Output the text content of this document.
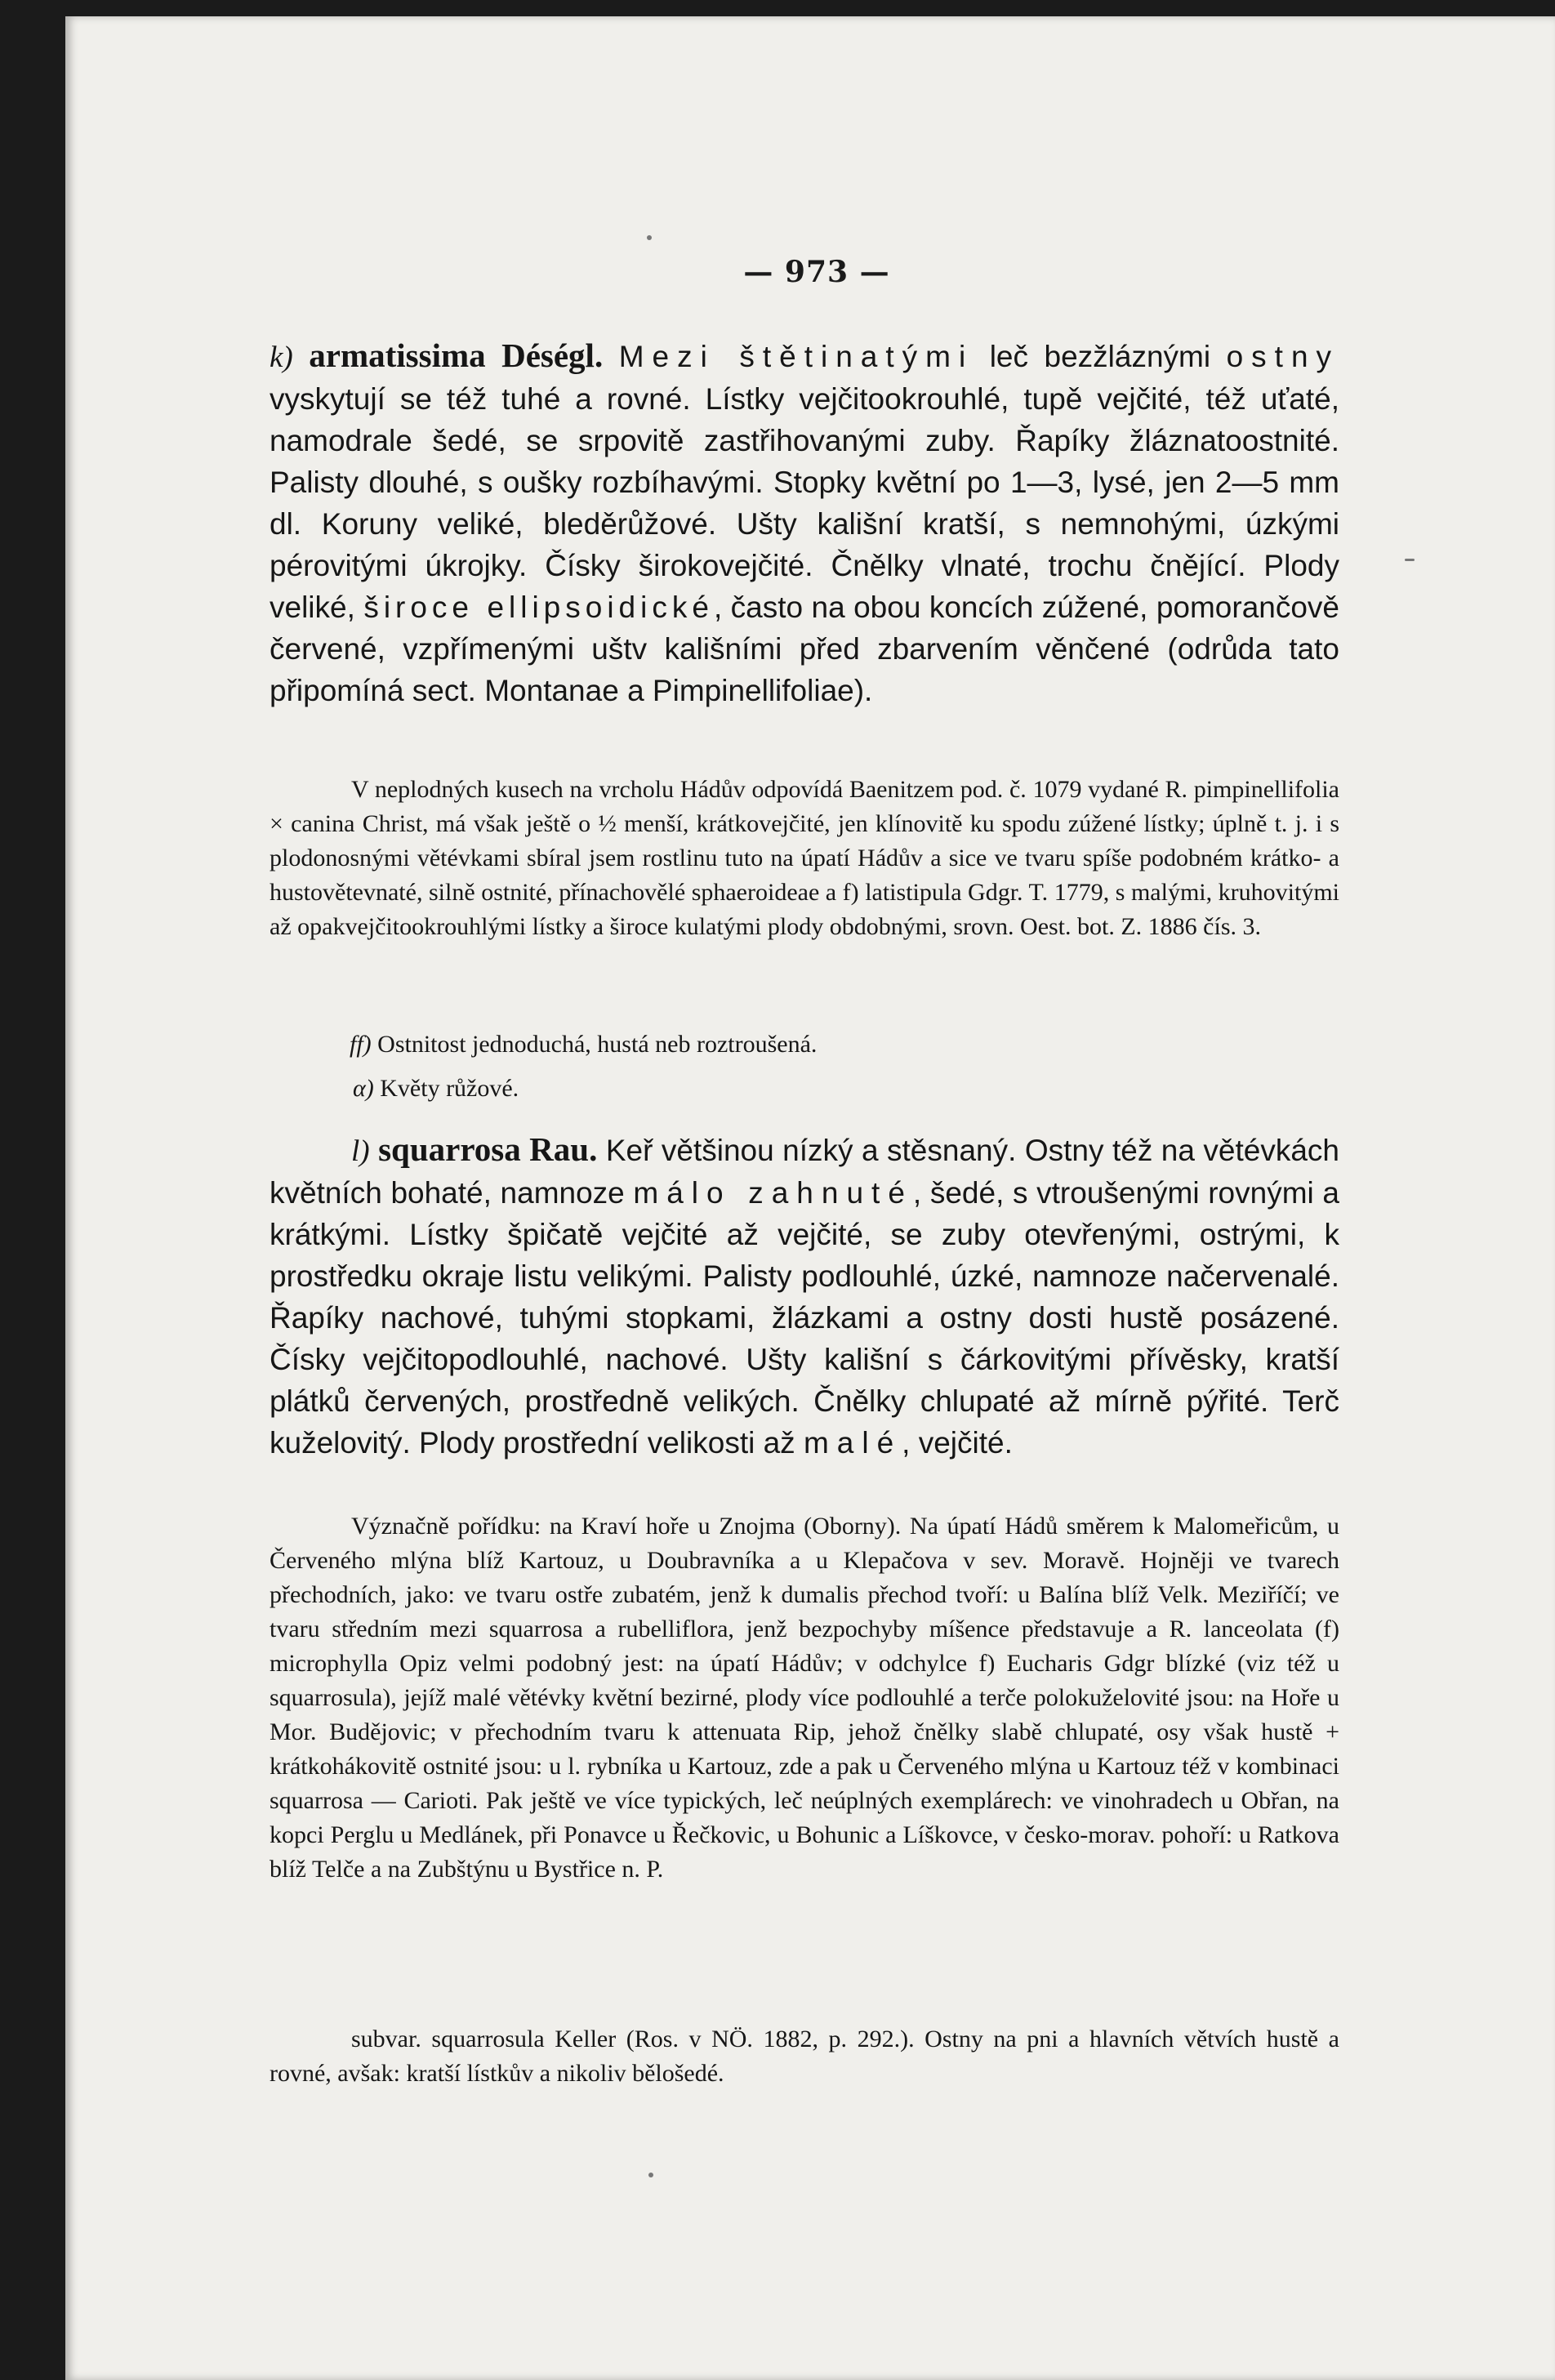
— 973 —
k) armatissima Déségl. Mezi štětinatými leč bezžláznými ostny vyskytují se též tuhé a rovné. Lístky vejčitookrouhlé, tupě vejčité, též uťaté, namodrale šedé, se srpovitě zastřihovanými zuby. Řapíky žláznatoostnité. Palisty dlouhé, s oušky rozbíhavými. Stopky květní po 1—3, lysé, jen 2—5 mm dl. Koruny veliké, bleděrůžové. Ušty kališní kratší, s nemnohými, úzkými pérovitými úkrojky. Čísky širokovejčité. Čnělky vlnaté, trochu čnějící. Plody veliké, široce ellipsoidické, často na obou koncích zúžené, pomorančově červené, vzpřímenými uštv kališními před zbarvením věnčené (odrůda tato připomíná sect. Montanae a Pimpinellifoliae).
V neplodných kusech na vrcholu Hádův odpovídá Baenitzem pod. č. 1079 vydané R. pimpinellifolia × canina Christ, má však ještě o ½ menší, krátkovejčité, jen klínovitě ku spodu zúžené lístky; úplně t. j. i s plodonosnými větévkami sbíral jsem rostlinu tuto na úpatí Hádův a sice ve tvaru spíše podobném krátko- a hustovětevnaté, silně ostnité, přínachovělé sphaeroideae a f) latistipula Gdgr. T. 1779, s malými, kruhovitými až opakvejčitookrouhlými lístky a široce kulatými plody obdobnými, srovn. Oest. bot. Z. 1886 čís. 3.
ff) Ostnitost jednoduchá, hustá neb roztroušená.
α) Květy růžové.
l) squarrosa Rau. Keř většinou nízký a stěsnaný. Ostny též na větévkách květních bohaté, namnoze málo zahnuté, šedé, s vtroušenými rovnými a krátkými. Lístky špičatě vejčité až vejčité, se zuby otevřenými, ostrými, k prostředku okraje listu velikými. Palisty podlouhlé, úzké, namnoze načervenalé. Řapíky nachové, tuhými stopkami, žlázkami a ostny dosti hustě posázené. Čísky vejčitopodlouhlé, nachové. Ušty kališní s čárkovitými přívěsky, kratší plátků červených, prostředně velikých. Čnělky chlupaté až mírně pýřité. Terč kuželovitý. Plody prostřední velikosti až malé, vejčité.
Význačně pořídku: na Kraví hoře u Znojma (Oborny). Na úpatí Hádů směrem k Malomeřicům, u Červeného mlýna blíž Kartouz, u Doubravníka a u Klepačova v sev. Moravě. Hojněji ve tvarech přechodních, jako: ve tvaru ostře zubatém, jenž k dumalis přechod tvoří: u Balína blíž Velk. Meziříčí; ve tvaru středním mezi squarrosa a rubelliflora, jenž bezpochyby míšence představuje a R. lanceolata (f) microphylla Opiz velmi podobný jest: na úpatí Hádův; v odchylce f) Eucharis Gdgr blízké (viz též u squarrosula), jejíž malé větévky květní bezirné, plody více podlouhlé a terče polokuželovité jsou: na Hoře u Mor. Budějovic; v přechodním tvaru k attenuata Rip, jehož čnělky slabě chlupaté, osy však hustě + krátkohákovitě ostnité jsou: u l. rybníka u Kartouz, zde a pak u Červeného mlýna u Kartouz též v kombinaci squarrosa — Carioti. Pak ještě ve více typických, leč neúplných exemplárech: ve vinohradech u Obřan, na kopci Perglu u Medlánek, při Ponavce u Řečkovic, u Bohunic a Líškovce, v česko-morav. pohoří: u Ratkova blíž Telče a na Zubštýnu u Bystřice n. P.
subvar. squarrosula Keller (Ros. v NÖ. 1882, p. 292.). Ostny na pni a hlavních větvích hustě a rovné, avšak: kratší lístkův a nikoliv bělošedé.
